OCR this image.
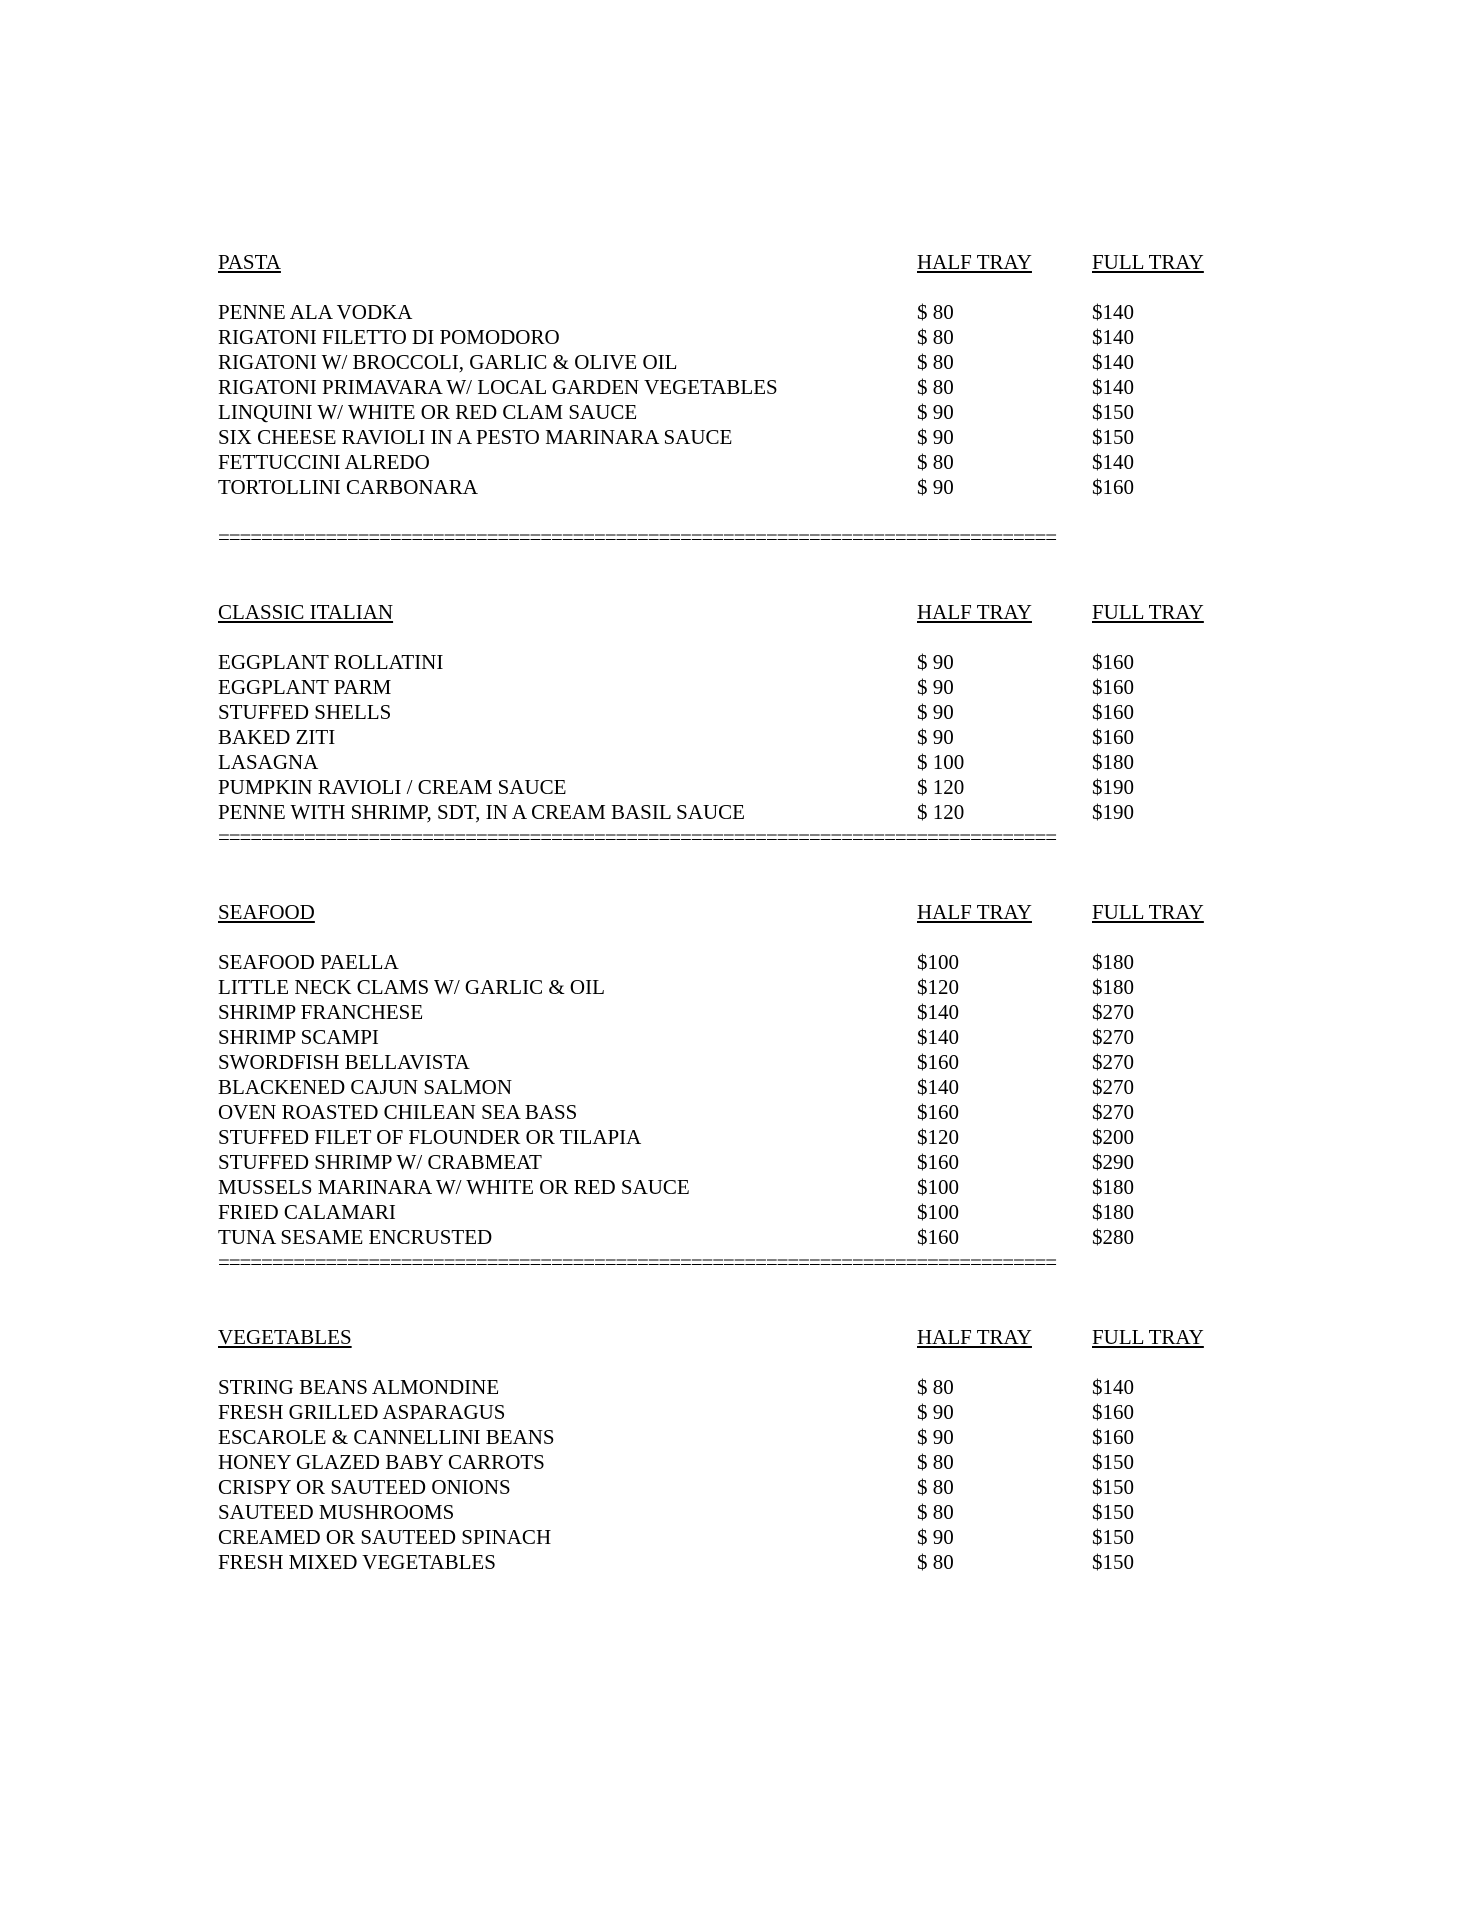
PASTA	HALF TRAY	FULL TRAY
PENNE ALA VODKA	$ 80	$140
RIGATONI FILETTO DI POMODORO	$ 80	$140
RIGATONI W/ BROCCOLI, GARLIC & OLIVE OIL	$ 80	$140
RIGATONI PRIMAVARA W/ LOCAL GARDEN VEGETABLES	$ 80	$140
LINQUINI W/ WHITE OR RED CLAM SAUCE	$ 90	$150
SIX CHEESE RAVIOLI IN A PESTO MARINARA SAUCE	$ 90	$150
FETTUCCINI ALREDO	$ 80	$140
TORTOLLINI CARBONARA	$ 90	$160
==============================================================================
CLASSIC ITALIAN	HALF TRAY	FULL TRAY
EGGPLANT ROLLATINI	$ 90	$160
EGGPLANT PARM	$ 90	$160
STUFFED SHELLS	$ 90	$160
BAKED ZITI	$ 90	$160
LASAGNA	$ 100	$180
PUMPKIN RAVIOLI / CREAM SAUCE	$ 120	$190
PENNE WITH SHRIMP, SDT, IN A CREAM BASIL SAUCE	$ 120	$190
==============================================================================
SEAFOOD	HALF TRAY	FULL TRAY
SEAFOOD PAELLA	$100	$180
LITTLE NECK CLAMS W/ GARLIC & OIL	$120	$180
SHRIMP FRANCHESE	$140	$270
SHRIMP SCAMPI	$140	$270
SWORDFISH BELLAVISTA	$160	$270
BLACKENED CAJUN SALMON	$140	$270
OVEN ROASTED CHILEAN SEA BASS	$160	$270
STUFFED FILET OF FLOUNDER OR TILAPIA	$120	$200
STUFFED SHRIMP W/ CRABMEAT	$160	$290
MUSSELS MARINARA W/ WHITE OR RED SAUCE	$100	$180
FRIED CALAMARI	$100	$180
TUNA SESAME ENCRUSTED	$160	$280
==============================================================================
VEGETABLES	HALF TRAY	FULL TRAY
STRING BEANS ALMONDINE	$ 80	$140
FRESH GRILLED ASPARAGUS	$ 90	$160
ESCAROLE & CANNELLINI BEANS	$ 90	$160
HONEY GLAZED BABY CARROTS	$ 80	$150
CRISPY OR SAUTEED ONIONS	$ 80	$150
SAUTEED MUSHROOMS	$ 80	$150
CREAMED OR SAUTEED SPINACH	$ 90	$150
FRESH MIXED VEGETABLES	$ 80	$150
